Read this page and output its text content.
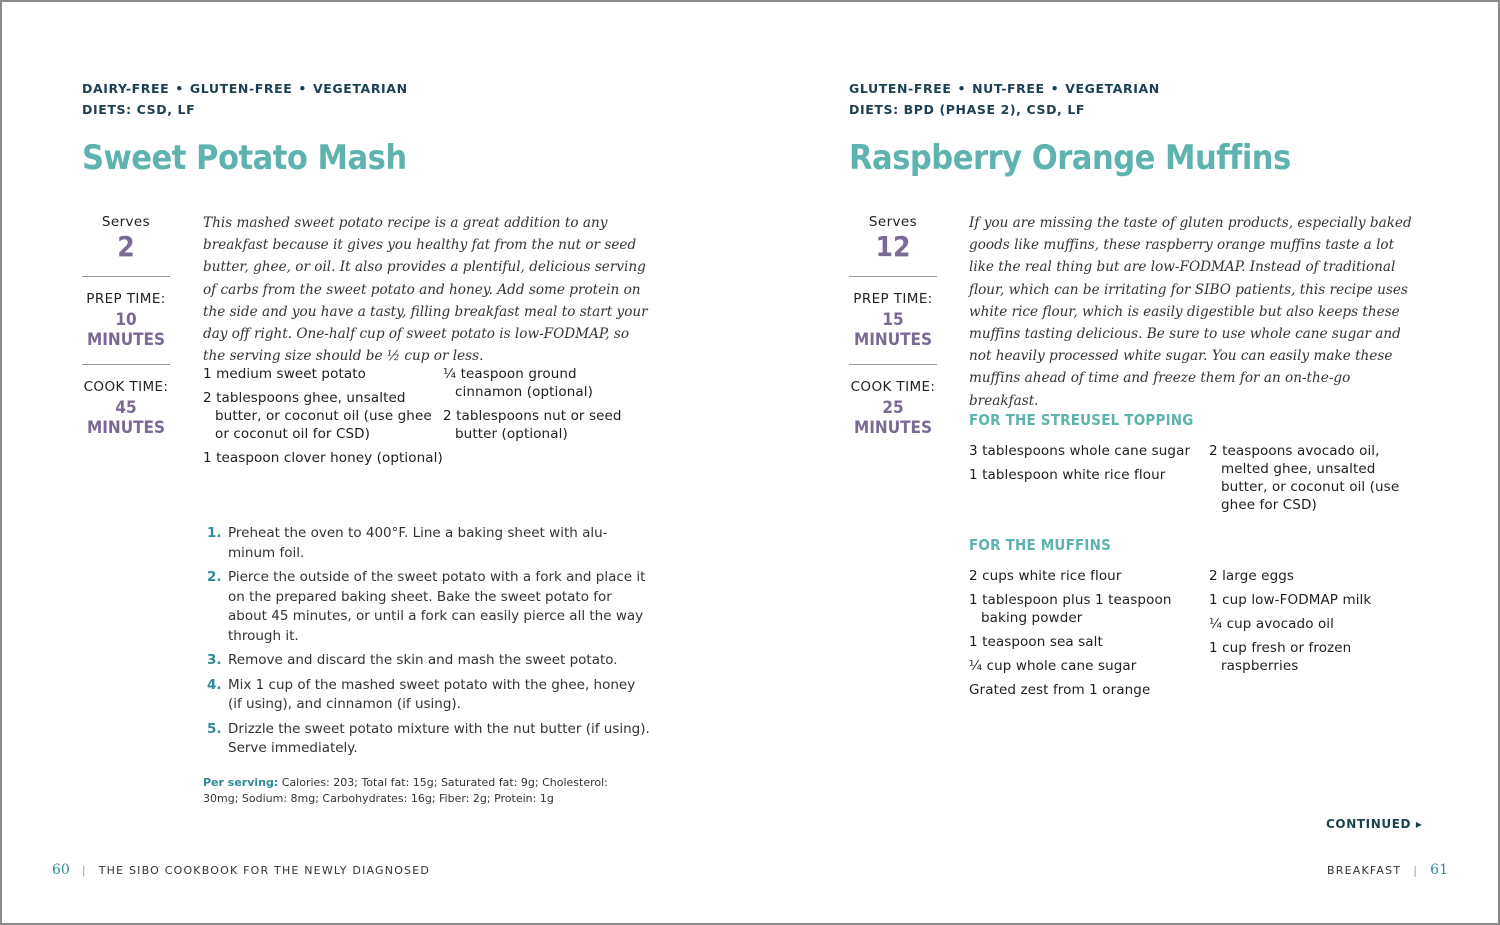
DAIRY-FREE • GLUTEN-FREE • VEGETARIAN
DIETS: CSD, LF
Sweet Potato Mash
Serves
2
PREP TIME:
10 MINUTES
COOK TIME:
45 MINUTES

This mashed sweet potato recipe is a great addition to any breakfast because it gives you healthy fat from the nut or seed butter, ghee, or oil. It also provides a plentiful, delicious serving of carbs from the sweet potato and honey. Add some protein on the side and you have a tasty, filling breakfast meal to start your day off right. One-half cup of sweet potato is low-FODMAP, so the serving size should be ½ cup or less.

1 medium sweet potato
2 tablespoons ghee, unsalted butter, or coconut oil (use ghee or coconut oil for CSD)
1 teaspoon clover honey (optional)
¼ teaspoon ground cinnamon (optional)
2 tablespoons nut or seed butter (optional)
1. Preheat the oven to 400°F. Line a baking sheet with alu-minum foil.
2. Pierce the outside of the sweet potato with a fork and place it on the prepared baking sheet. Bake the sweet potato for about 45 minutes, or until a fork can easily pierce all the way through it.
3. Remove and discard the skin and mash the sweet potato.
4. Mix 1 cup of the mashed sweet potato with the ghee, honey (if using), and cinnamon (if using).
5. Drizzle the sweet potato mixture with the nut butter (if using). Serve immediately.
Per serving: Calories: 203; Total fat: 15g; Saturated fat: 9g; Cholesterol: 30mg; Sodium: 8mg; Carbohydrates: 16g; Fiber: 2g; Protein: 1g
60 | THE SIBO COOKBOOK FOR THE NEWLY DIAGNOSED
GLUTEN-FREE • NUT-FREE • VEGETARIAN
DIETS: BPD (PHASE 2), CSD, LF
Raspberry Orange Muffins
Serves
12
PREP TIME:
15 MINUTES
COOK TIME:
25 MINUTES

If you are missing the taste of gluten products, especially baked goods like muffins, these raspberry orange muffins taste a lot like the real thing but are low-FODMAP. Instead of traditional flour, which can be irritating for SIBO patients, this recipe uses white rice flour, which is easily digestible but also keeps these muffins tasting delicious. Be sure to use whole cane sugar and not heavily processed white sugar. You can easily make these muffins ahead of time and freeze them for an on-the-go breakfast.

FOR THE STREUSEL TOPPING
3 tablespoons whole cane sugar
1 tablespoon white rice flour
2 teaspoons avocado oil, melted ghee, unsalted butter, or coconut oil (use ghee for CSD)
FOR THE MUFFINS
2 cups white rice flour
1 tablespoon plus 1 teaspoon baking powder
1 teaspoon sea salt
¼ cup whole cane sugar
Grated zest from 1 orange
2 large eggs
1 cup low-FODMAP milk
¼ cup avocado oil
1 cup fresh or frozen raspberries
CONTINUED ▸
BREAKFAST | 61
